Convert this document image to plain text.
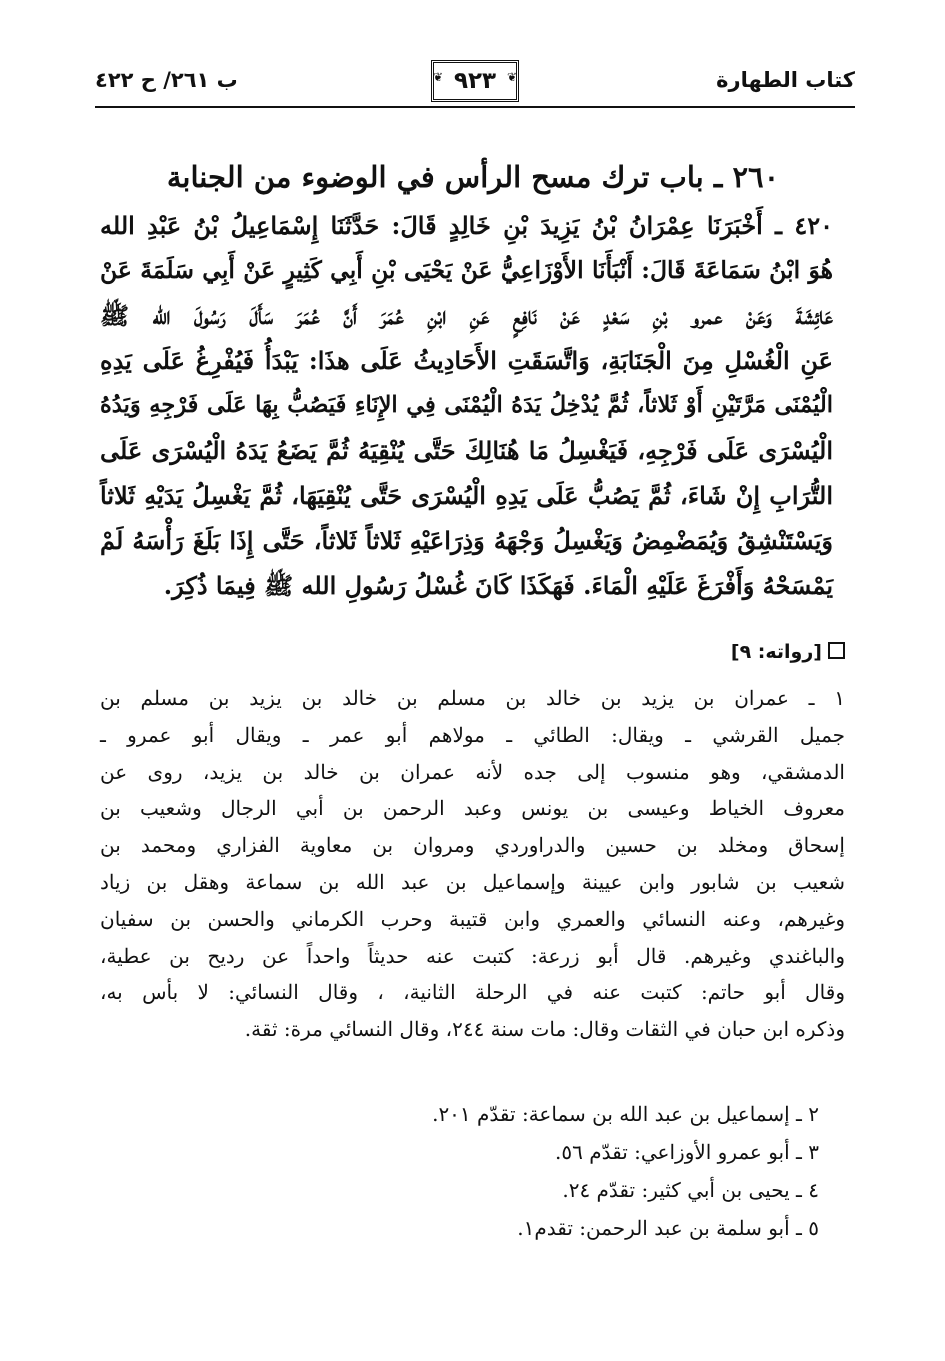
كتاب الطهارة
❦ ٩٢٣ ❦
ب ٢٦١/ ح ٤٢٢
٢٦٠ ـ باب ترك مسح الرأس في الوضوء من الجنابة
٤٢٠ ـ أَخْبَرَنَا عِمْرَانُ بْنُ يَزِيدَ بْنِ خَالِدٍ قَالَ: حَدَّثَنَا إِسْمَاعِيلُ بْنُ عَبْدِ الله
هُوَ ابْنُ سَمَاعَةَ قَالَ: أَنْبَأَنَا الأَوْزَاعِيُّ عَنْ يَحْيَى بْنِ أَبِي كَثِيرٍ عَنْ أَبِي سَلَمَةَ عَنْ
عَائِشَةَ وَعَنْ عمرو بْنِ سَعْدٍ عَنْ نَافِعٍ عَنِ ابْنِ عُمَرَ أَنَّ عُمَرَ سَأَلَ رَسُولَ الله ﷺ
عَنِ الْغُسْلِ مِنَ الْجَنَابَةِ، وَاتَّسَقَتِ الأَحَادِيثُ عَلَى هذَا: يَبْدَأُ فَيُفْرِغُ عَلَى يَدِهِ
الْيُمْنَى مَرَّتَيْنِ أَوْ ثَلاثاً، ثُمَّ يُدْخِلُ يَدَهُ الْيُمْنَى فِي الإِنَاءِ فَيَصُبُّ بِهَا عَلَى فَرْجِهِ وَيَدُهُ
الْيُسْرَى عَلَى فَرْجِهِ، فَيَغْسِلُ مَا هُنَالِكَ حَتَّى يُنْقِيَهُ ثُمَّ يَضَعُ يَدَهُ الْيُسْرَى عَلَى
التُّرَابِ إِنْ شَاءَ، ثُمَّ يَصُبُّ عَلَى يَدِهِ الْيُسْرَى حَتَّى يُنْقِيَهَا، ثُمَّ يَغْسِلُ يَدَيْهِ ثَلاثاً
وَيَسْتَنْشِقُ وَيُمَضْمِضُ وَيَغْسِلُ وَجْهَهُ وَذِرَاعَيْهِ ثَلاثاً ثَلاثاً، حَتَّى إِذَا بَلَغَ رَأْسَهُ لَمْ
يَمْسَحْهُ وَأَفْرَغَ عَلَيْهِ الْمَاءَ. فَهَكَذَا كَانَ غُسْلُ رَسُولِ الله ﷺ فِيمَا ذُكِرَ.
[رواته: ٩]
١ ـ عمران بن يزيد بن خالد بن مسلم بن خالد بن يزيد بن مسلم بن
جميل القرشي ـ ويقال: الطائي ـ مولاهم أبو عمر ـ ويقال أبو عمرو ـ
الدمشقي، وهو منسوب إلى جده لأنه عمران بن خالد بن يزيد، روى عن
معروف الخياط وعيسى بن يونس وعبد الرحمن بن أبي الرجال وشعيب بن
إسحاق ومخلد بن حسين والدراوردي ومروان بن معاوية الفزاري ومحمد بن
شعيب بن شابور وابن عيينة وإسماعيل بن عبد الله بن سماعة وهقل بن زياد
وغيرهم، وعنه النسائي والعمري وابن قتيبة وحرب الكرماني والحسن بن سفيان
والباغندي وغيرهم. قال أبو زرعة: كتبت عنه حديثاً واحداً عن رديح بن عطية،
وقال أبو حاتم: كتبت عنه في الرحلة الثانية، ، وقال النسائي: لا بأس به،
وذكره ابن حبان في الثقات وقال: مات سنة ٢٤٤، وقال النسائي مرة: ثقة.
٢ ـ إسماعيل بن عبد الله بن سماعة: تقدّم ٢٠١.
٣ ـ أبو عمرو الأوزاعي: تقدّم ٥٦.
٤ ـ يحيى بن أبي كثير: تقدّم ٢٤.
٥ ـ أبو سلمة بن عبد الرحمن: تقدم١.
